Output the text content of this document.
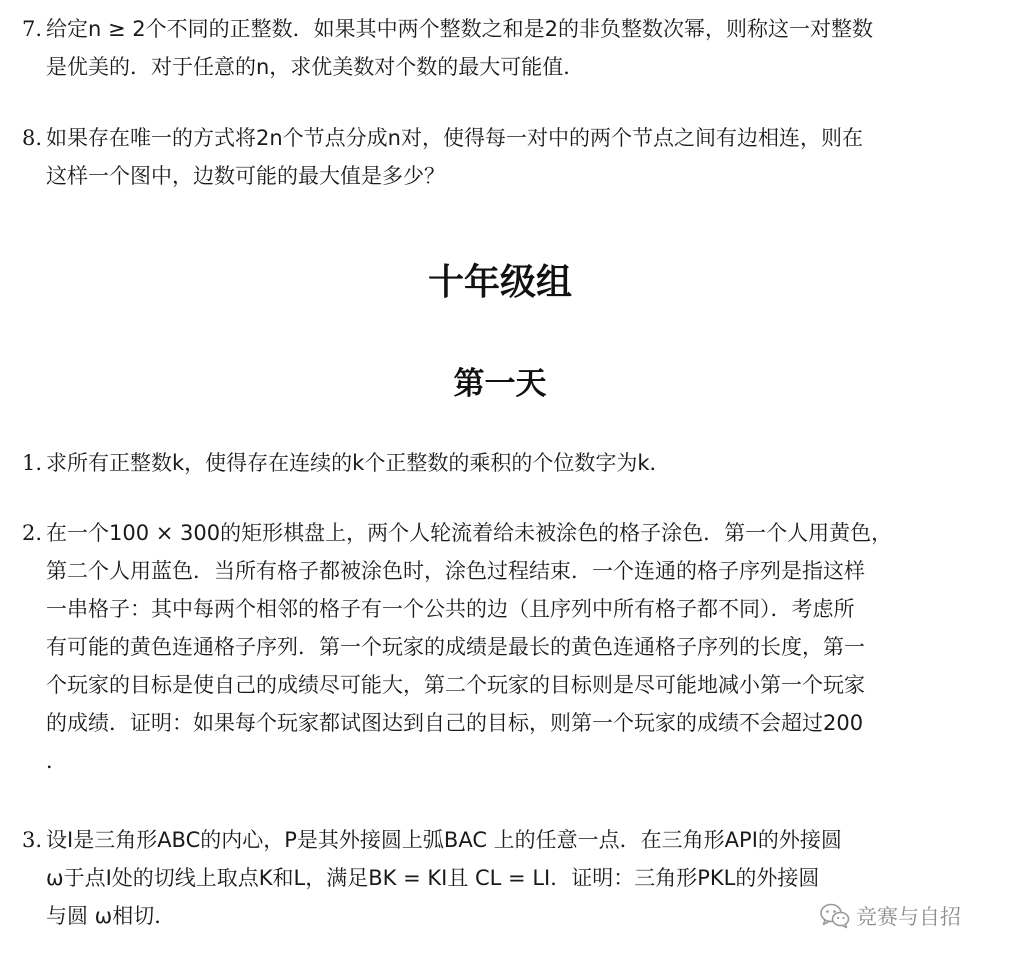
7. 给定n ≥ 2个不同的正整数．如果其中两个整数之和是2的非负整数次幂，则称这一对整数
是优美的．对于任意的n，求优美数对个数的最大可能值．
8. 如果存在唯一的方式将2n个节点分成n对，使得每一对中的两个节点之间有边相连，则在
这样一个图中，边数可能的最大值是多少？
十年级组
第一天
1. 求所有正整数k，使得存在连续的k个正整数的乘积的个位数字为k．
2. 在一个100 × 300的矩形棋盘上，两个人轮流着给未被涂色的格子涂色．第一个人用黄色，
第二个人用蓝色．当所有格子都被涂色时，涂色过程结束．一个连通的格子序列是指这样
一串格子：其中每两个相邻的格子有一个公共的边（且序列中所有格子都不同）．考虑所
有可能的黄色连通格子序列．第一个玩家的成绩是最长的黄色连通格子序列的长度，第一
个玩家的目标是使自己的成绩尽可能大，第二个玩家的目标则是尽可能地减小第一个玩家
的成绩．证明：如果每个玩家都试图达到自己的目标，则第一个玩家的成绩不会超过200
．
3. 设I是三角形ABC的内心，P是其外接圆上弧BAC 上的任意一点．在三角形API的外接圆
ω于点I处的切线上取点K和L，满足BK = KI且 CL = LI．证明：三角形PKL的外接圆
与圆 ω相切．	竞赛与自招
